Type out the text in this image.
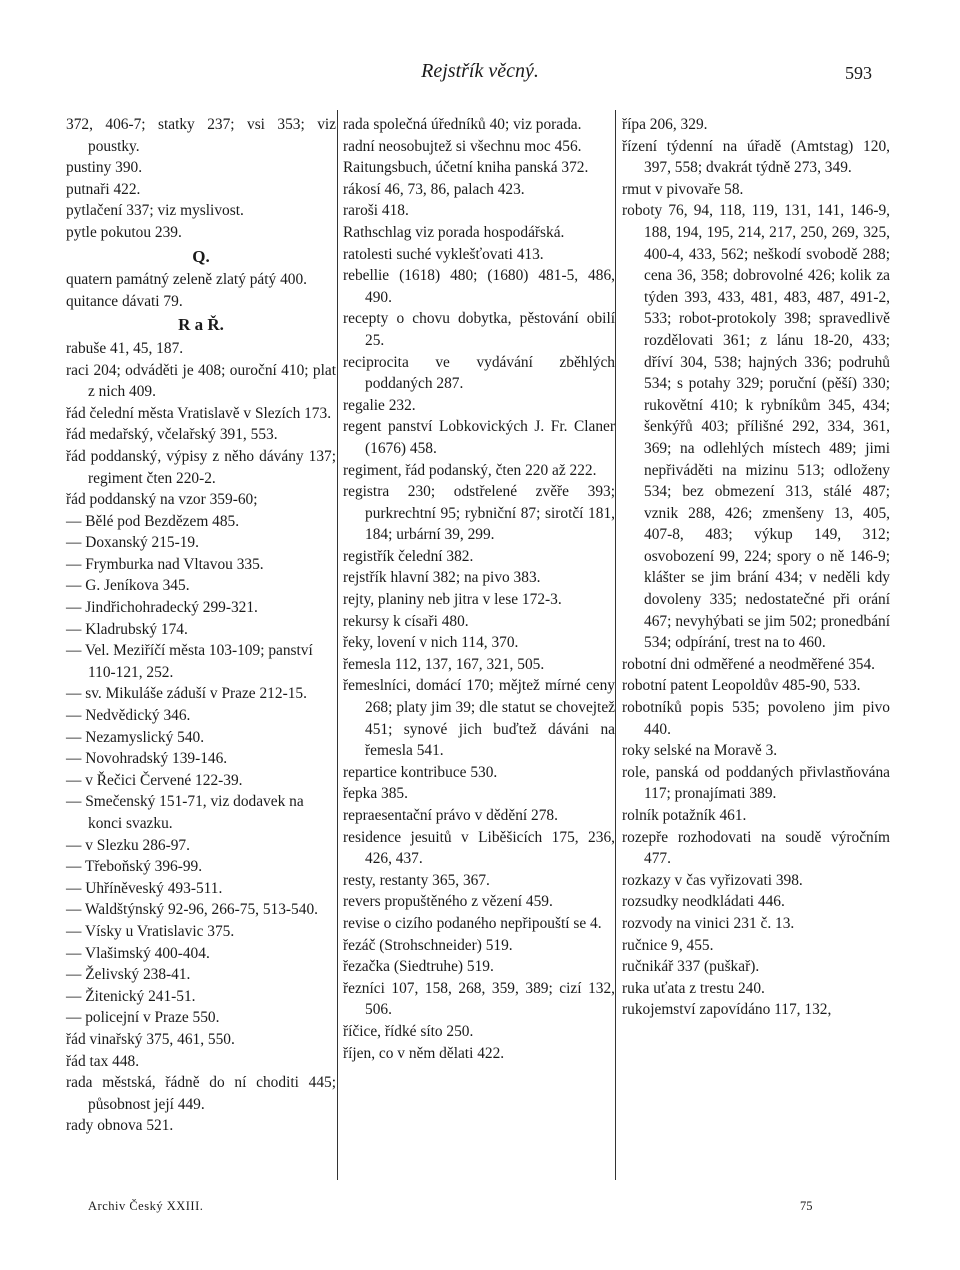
Rejstřík věcný.	593
372, 406-7; statky 237; vsi 353; viz poustky.
pustiny 390.
putnaři 422.
pytlačení 337; viz myslivost.
pytle pokutou 239.
Q.
quatern památný zeleně zlatý pátý 400.
quitance dávati 79.
R a Ř.
rabuše 41, 45, 187.
raci 204; odváděti je 408; ouroční 410; plat z nich 409.
řád čelední města Vratislavě v Slezích 173.
řád medařský, včelařský 391, 553.
řád poddanský, výpisy z něho dávány 137; regiment čten 220-2.
řád poddanský na vzor 359-60;
— Bělé pod Bezdězem 485.
— Doxanský 215-19.
— Frymburka nad Vltavou 335.
— G. Jeníkova 345.
— Jindřichohradecký 299-321.
— Kladrubský 174.
— Vel. Meziříčí města 103-109; panství 110-121, 252.
— sv. Mikuláše záduší v Praze 212-15.
— Nedvědický 346.
— Nezamyslický 540.
— Novohradský 139-146.
— v Řečici Červené 122-39.
— Smečenský 151-71, viz dodavek na konci svazku.
— v Slezku 286-97.
— Třeboňský 396-99.
— Uhříněveský 493-511.
— Waldštýnský 92-96, 266-75, 513-540.
— Vísky u Vratislavic 375.
— Vlašimský 400-404.
— Želivský 238-41.
— Žitenický 241-51.
— policejní v Praze 550.
řád vinařský 375, 461, 550.
řád tax 448.
rada městská, řádně do ní choditi 445; působnost její 449.
rady obnova 521.
rada společná úředníků 40; viz porada.
radní neosobujtež si všechnu moc 456.
Raitungsbuch, účetní kniha panská 372.
rákosí 46, 73, 86, palach 423.
raroši 418.
Rathschlag viz porada hospodářská.
ratolesti suché vyklešťovati 413.
rebellie (1618) 480; (1680) 481-5, 486, 490.
recepty o chovu dobytka, pěstování obilí 25.
reciprocita ve vydávání zběhlých poddaných 287.
regalie 232.
regent panství Lobkovických J. Fr. Claner (1676) 458.
regiment, řád podanský, čten 220 až 222.
registra 230; odstřelené zvěře 393; purkrechtní 95; rybniční 87; sirotčí 181, 184; urbární 39, 299.
registřík čelední 382.
rejstřík hlavní 382; na pivo 383.
rejty, planiny neb jitra v lese 172-3.
rekursy k císaři 480.
řeky, lovení v nich 114, 370.
řemesla 112, 137, 167, 321, 505.
řemeslníci, domácí 170; mějtež mírné ceny 268; platy jim 39; dle statut se chovejtež 451; synové jich buďtež dáváni na řemesla 541.
repartice kontribuce 530.
řepka 385.
repraesentační právo v dědění 278.
residence jesuitů v Liběšicích 175, 236, 426, 437.
resty, restanty 365, 367.
revers propuštěného z vězení 459.
revise o cizího podaného nepřipouští se 4.
řezáč (Strohschneider) 519.
řezačka (Siedtruhe) 519.
řezníci 107, 158, 268, 359, 389; cizí 132, 506.
říčice, řídké síto 250.
říjen, co v něm dělati 422.
řípa 206, 329.
řízení týdenní na úřadě (Amtstag) 120, 397, 558; dvakrát týdně 273, 349.
rmut v pivovaře 58.
roboty 76, 94, 118, 119, 131, 141, 146-9, 188, 194, 195, 214, 217, 250, 269, 325, 400-4, 433, 562; neškodí svobodě 288; cena 36, 358; dobrovolné 426; kolik za týden 393, 433, 481, 483, 487, 491-2, 533; robot-protokoly 398; spravedlivě rozdělovati 361; z lánu 18-20, 433; dříví 304, 538; hajných 336; podruhů 534; s potahy 329; poruční (pěší) 330; rukovětní 410; k rybníkům 345, 434; šenkýřů 403; přílišné 292, 334, 361, 369; na odlehlých místech 489; jimi nepřiváděti na mizinu 513; odloženy 534; bez obmezení 313, stálé 487; vznik 288, 426; zmenšeny 13, 405, 407-8, 483; výkup 149, 312; osvobození 99, 224; spory o ně 146-9; klášter se jim brání 434; v neděli kdy dovoleny 335; nedostatečné při orání 467; nevyhýbati se jim 502; pronedbání 534; odpírání, trest na to 460.
robotní dni odměřené a neodměřené 354.
robotní patent Leopoldův 485-90, 533.
robotníků popis 535; povoleno jim pivo 440.
roky selské na Moravě 3.
role, panská od poddaných přivlastňována 117; pronajímati 389.
rolník potažník 461.
rozepře rozhodovati na soudě výročním 477.
rozkazy v čas vyřizovati 398.
rozsudky neodkládati 446.
rozvody na vinici 231 č. 13.
ručnice 9, 455.
ručnikář 337 (puškař).
ruka uťata z trestu 240.
rukojemství zapovídáno 117, 132,
Archiv Český XXIII.	75
